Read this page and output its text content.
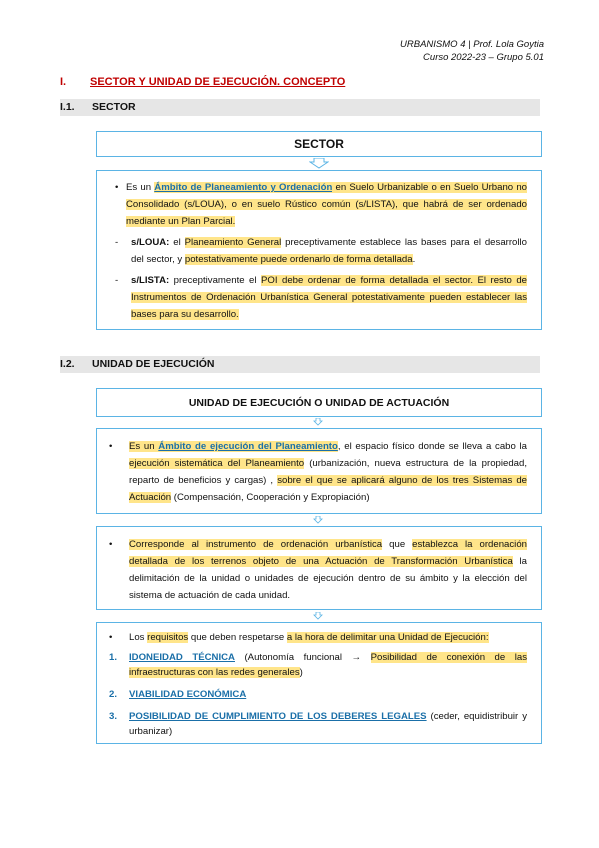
URBANISMO 4 | Prof. Lola Goytia
Curso 2022-23 – Grupo 5.01
I. SECTOR Y UNIDAD DE EJECUCIÓN. CONCEPTO
I.1. SECTOR
SECTOR
• Es un Ámbito de Planeamiento y Ordenación en Suelo Urbanizable o en Suelo Urbano no Consolidado (s/LOUA), o en suelo Rústico común (s/LISTA), que habrá de ser ordenado mediante un Plan Parcial.
-	s/LOUA: el Planeamiento General preceptivamente establece las bases para el desarrollo del sector, y potestativamente puede ordenarlo de forma detallada.
-	s/LISTA: preceptivamente el POI debe ordenar de forma detallada el sector. El resto de Instrumentos de Ordenación Urbanística General potestativamente pueden establecer las bases para su desarrollo.
I.2. UNIDAD DE EJECUCIÓN
UNIDAD DE EJECUCIÓN O UNIDAD DE ACTUACIÓN
•	Es un Ámbito de ejecución del Planeamiento, el espacio físico donde se lleva a cabo la ejecución sistemática del Planeamiento (urbanización, nueva estructura de la propiedad, reparto de beneficios y cargas) , sobre el que se aplicará alguno de los tres Sistemas de Actuación (Compensación, Cooperación y Expropiación)
•	Corresponde al instrumento de ordenación urbanística que establezca la ordenación detallada de los terrenos objeto de una Actuación de Transformación Urbanística la delimitación de la unidad o unidades de ejecución dentro de su ámbito y la elección del sistema de actuación de cada unidad.
•	Los requisitos que deben respetarse a la hora de delimitar una Unidad de Ejecución:
1.	IDONEIDAD TÉCNICA (Autonomía funcional → Posibilidad de conexión de las infraestructuras con las redes generales)
2.	VIABILIDAD ECONÓMICA
3.	POSIBILIDAD DE CUMPLIMIENTO DE LOS DEBERES LEGALES (ceder, equidistribuir y urbanizar)
